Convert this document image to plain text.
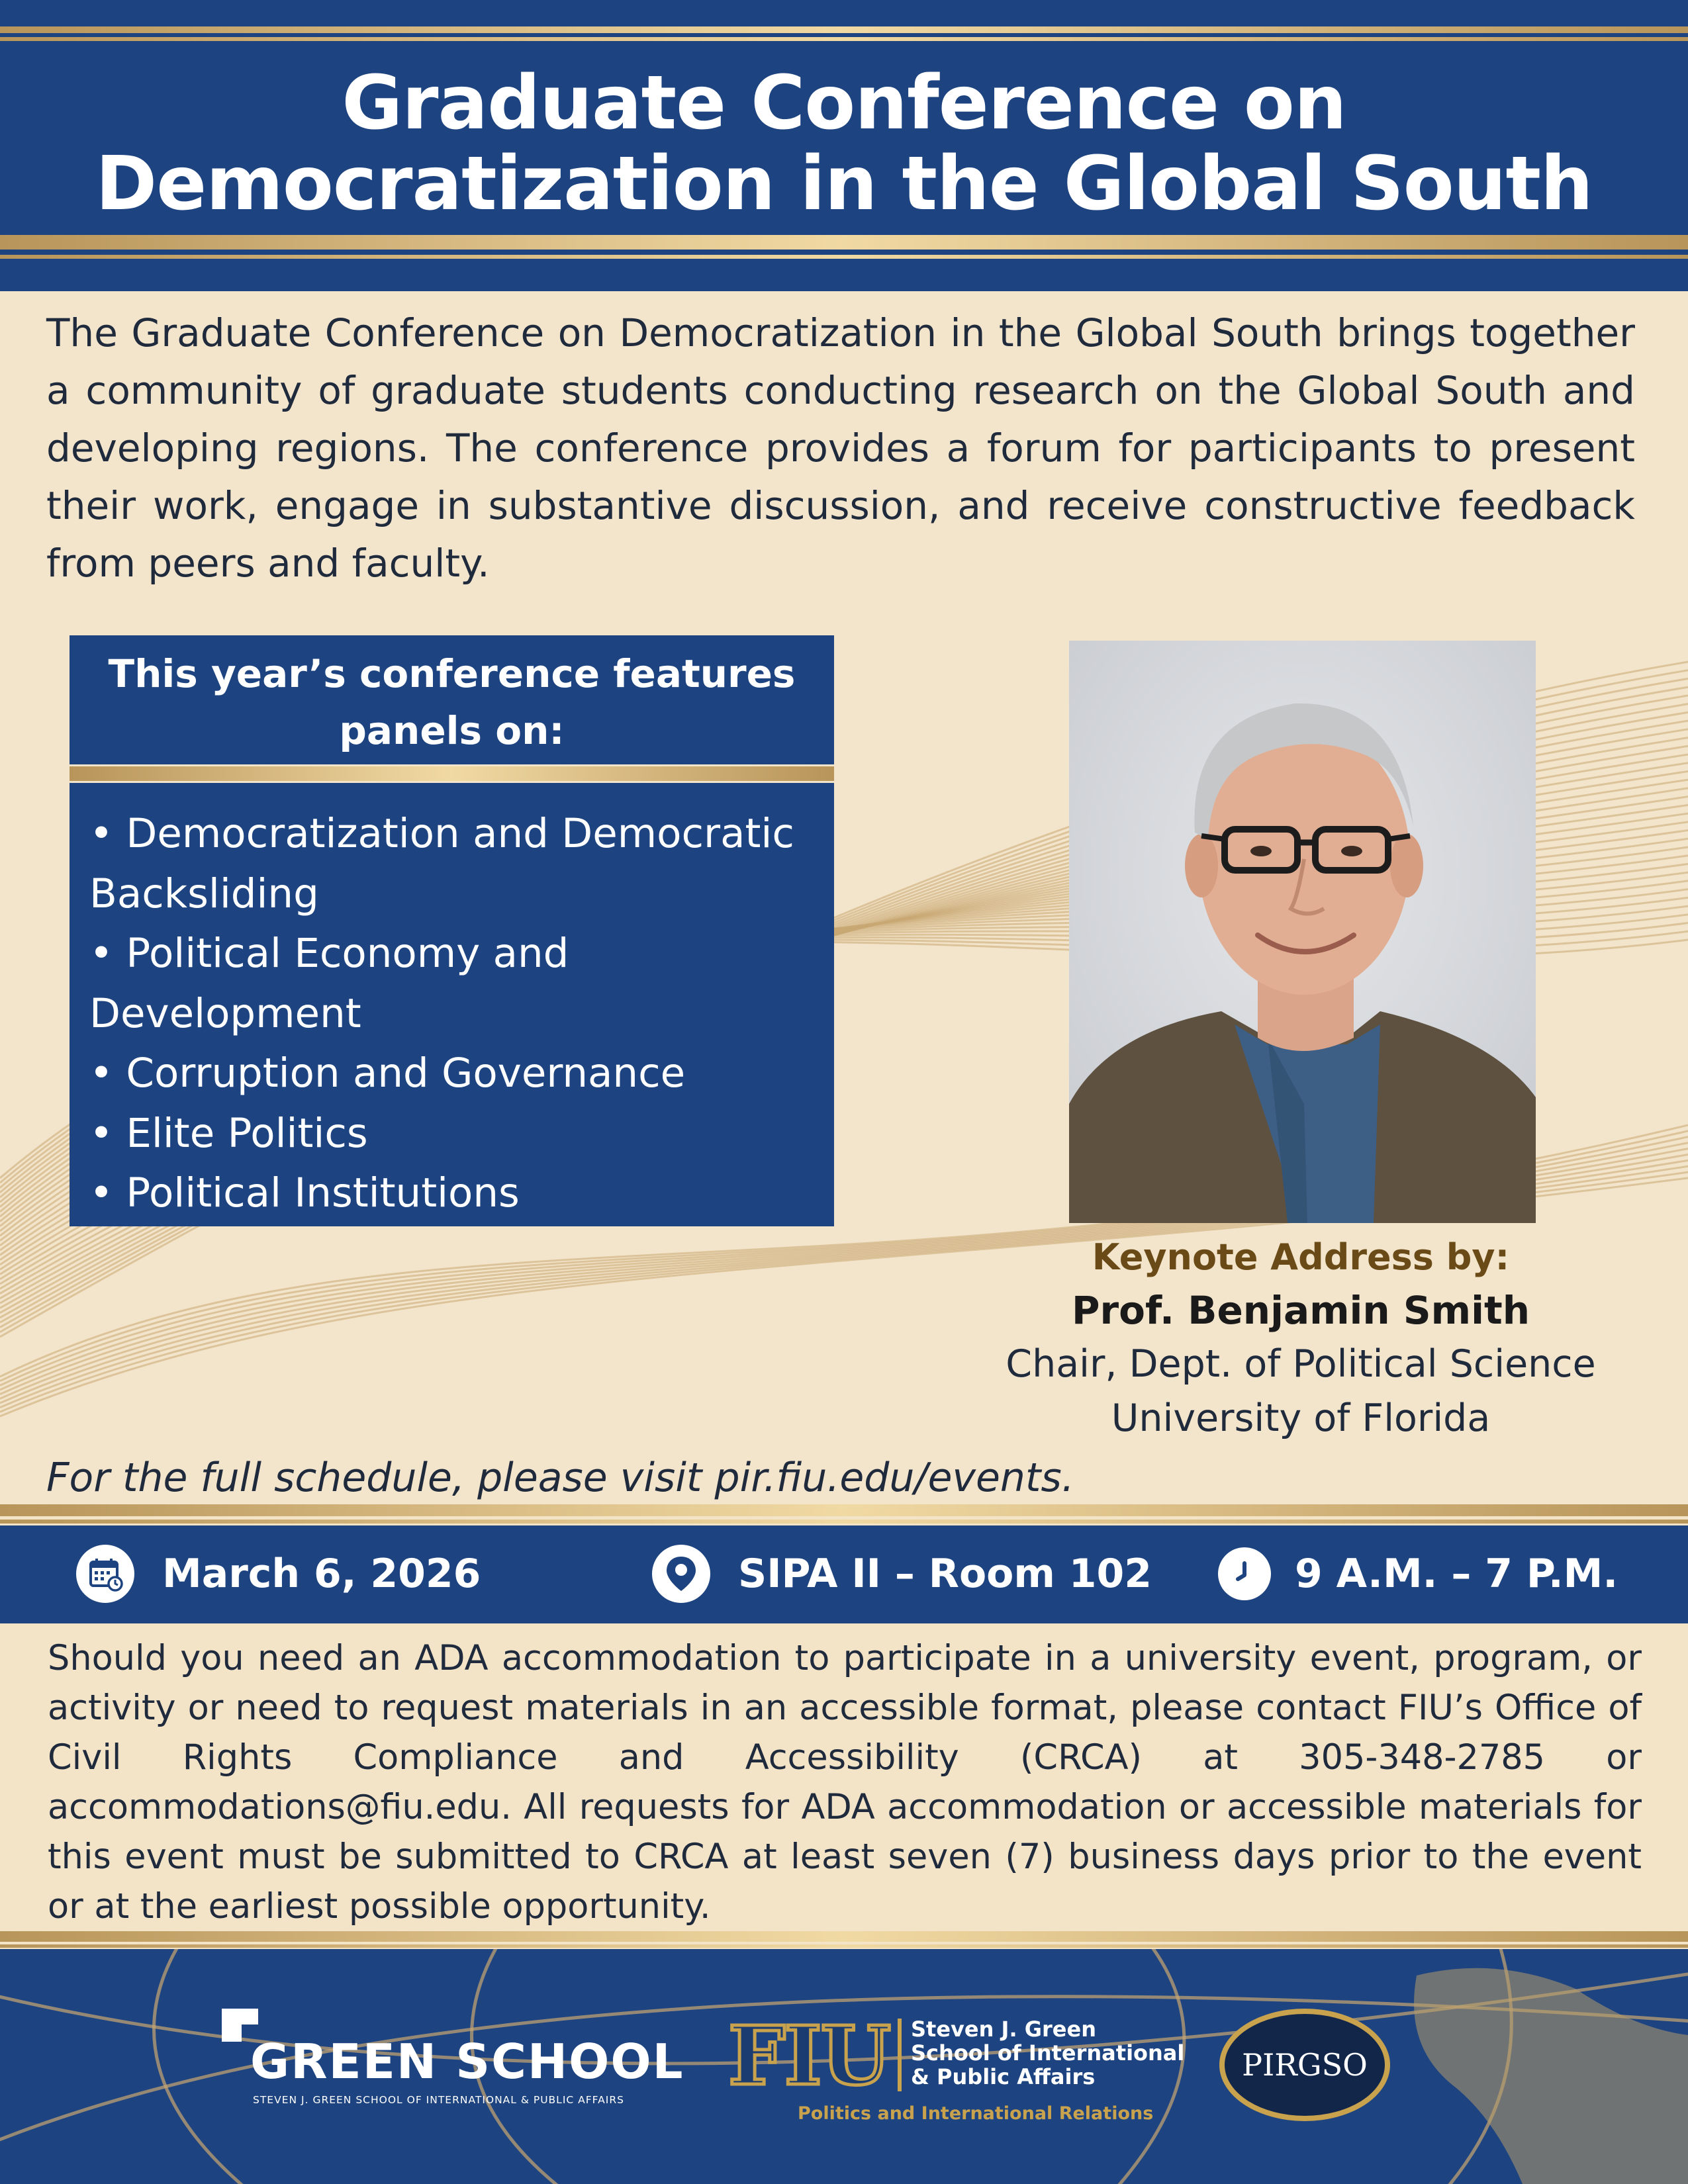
Graduate Conference on
Democratization in the Global South
The Graduate Conference on Democratization in the Global South brings together a community of graduate students conducting research on the Global South and developing regions. The conference provides a forum for participants to present their work, engage in substantive discussion, and receive constructive feedback from peers and faculty.
This year’s conference features panels on:
• Democratization and Democratic Backsliding
• Political Economy and Development
• Corruption and Governance
• Elite Politics
• Political Institutions
Keynote Address by:
Prof. Benjamin Smith
Chair, Dept. of Political Science
University of Florida
For the full schedule, please visit pir.fiu.edu/events.
March 6, 2026	SIPA II – Room 102	9 A.M. – 7 P.M.
Should you need an ADA accommodation to participate in a university event, program, or activity or need to request materials in an accessible format, please contact FIU’s Office of Civil Rights Compliance and Accessibility (CRCA) at 305-348-2785 or accommodations@fiu.edu. All requests for ADA accommodation or accessible materials for this event must be submitted to CRCA at least seven (7) business days prior to the event or at the earliest possible opportunity.
GREEN SCHOOL
STEVEN J. GREEN SCHOOL OF INTERNATIONAL & PUBLIC AFFAIRS	FIU Steven J. Green
School of International
& Public Affairs
Politics and International Relations
PIRGSO
